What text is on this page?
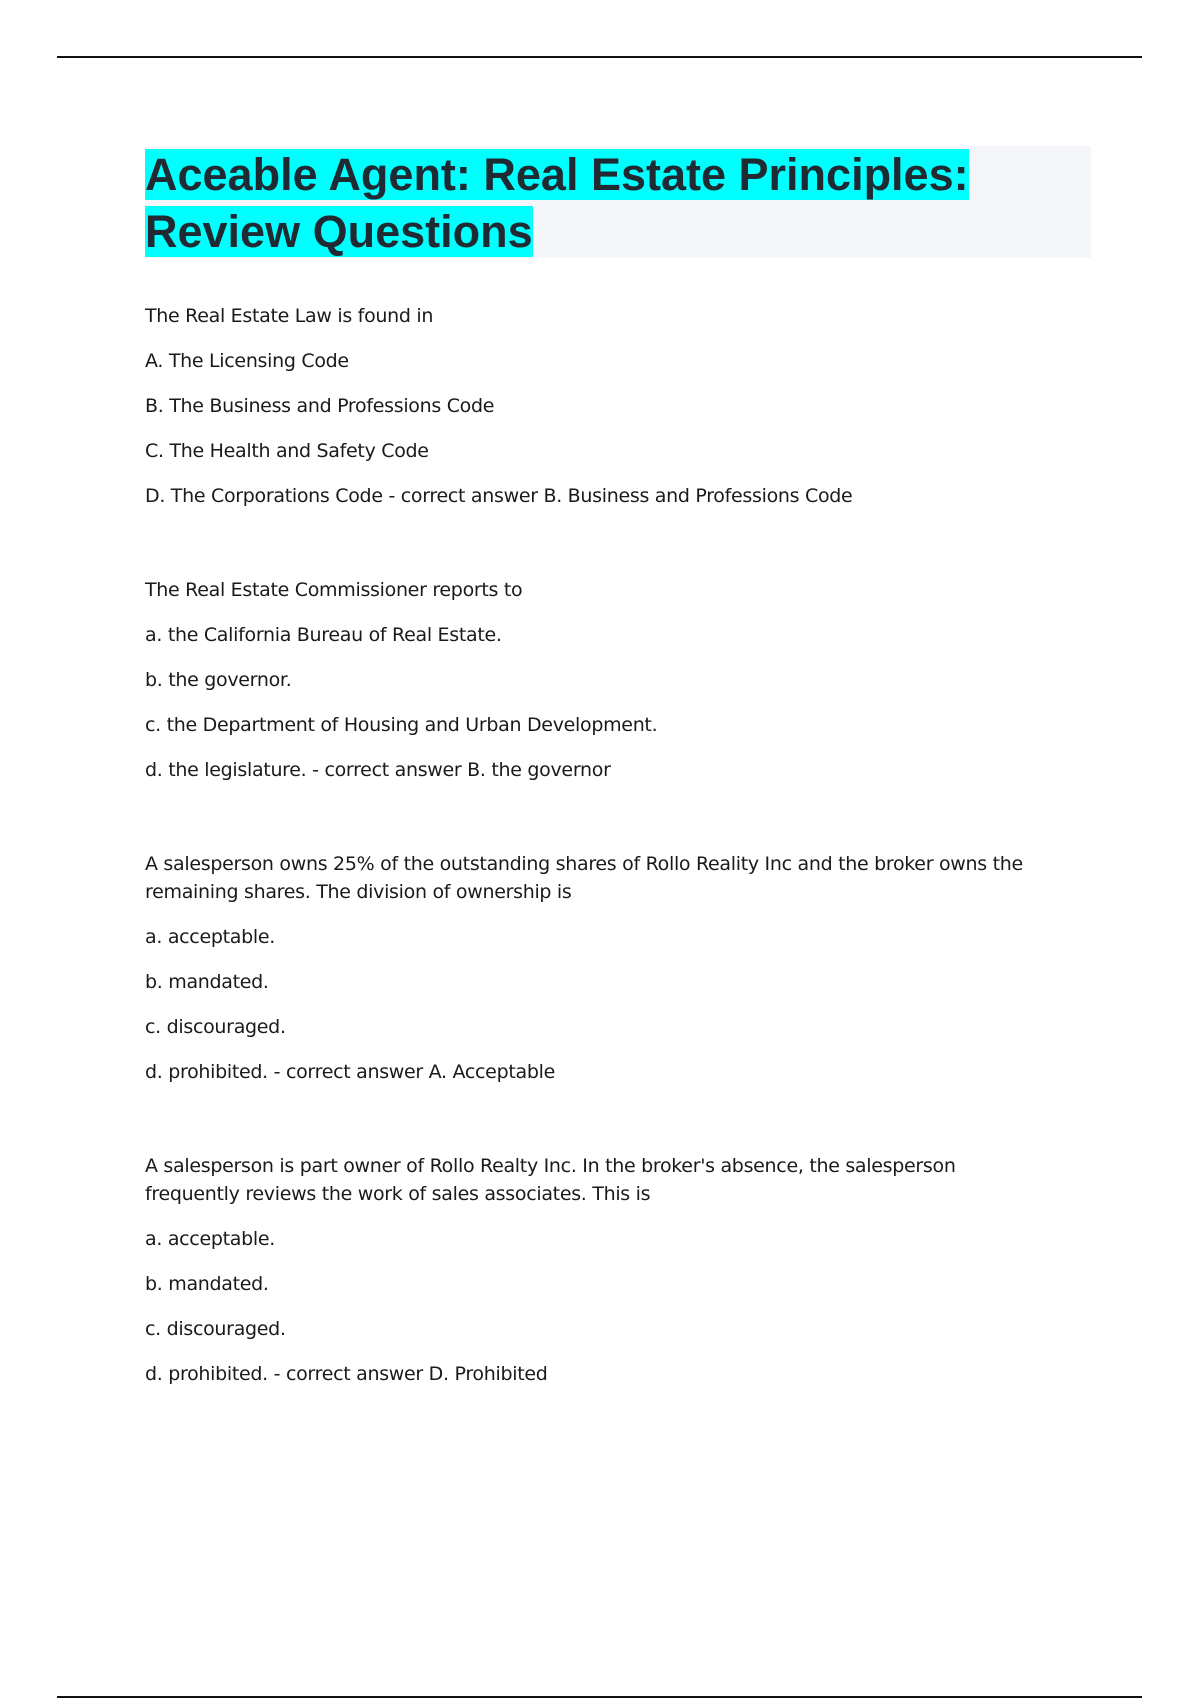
Aceable Agent: Real Estate Principles: Review Questions

The Real Estate Law is found in

A. The Licensing Code

B. The Business and Professions Code

C. The Health and Safety Code

D. The Corporations Code - correct answer B. Business and Professions Code

The Real Estate Commissioner reports to

a. the California Bureau of Real Estate.

b. the governor.

c. the Department of Housing and Urban Development.

d. the legislature. - correct answer B. the governor

A salesperson owns 25% of the outstanding shares of Rollo Reality Inc and the broker owns the remaining shares. The division of ownership is

a. acceptable.

b. mandated.

c. discouraged.

d. prohibited. - correct answer A. Acceptable

A salesperson is part owner of Rollo Realty Inc. In the broker's absence, the salesperson frequently reviews the work of sales associates. This is

a. acceptable.

b. mandated.

c. discouraged.

d. prohibited. - correct answer D. Prohibited
